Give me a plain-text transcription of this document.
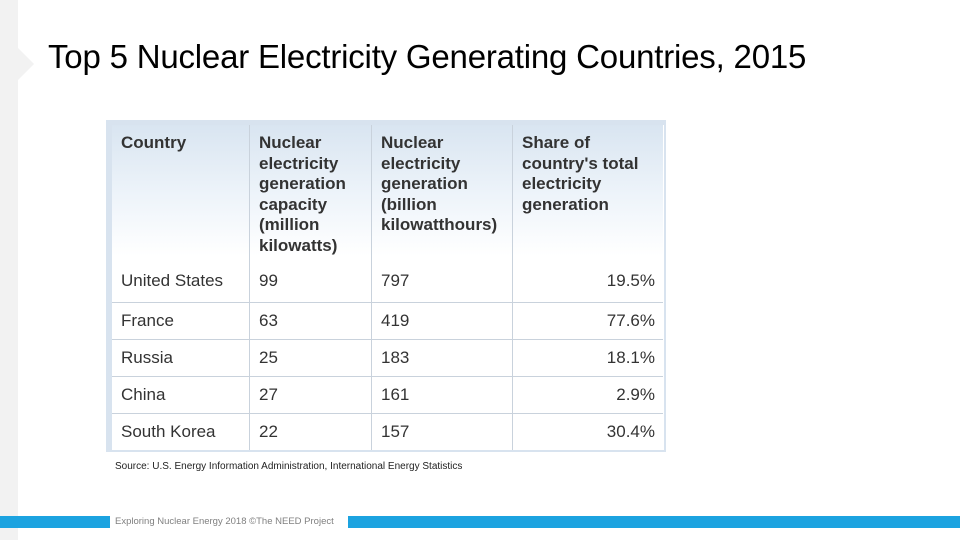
Top 5 Nuclear Electricity Generating Countries, 2015
Country	Nuclear electricity generation capacity (million kilowatts)	Nuclear electricity generation (billion kilowatthours)	Share of country's total electricity generation
United States	99	797	19.5%
France	63	419	77.6%
Russia	25	183	18.1%
China	27	161	2.9%
South Korea	22	157	30.4%
Source: U.S. Energy Information Administration, International Energy Statistics
Exploring Nuclear Energy 2018 ©The NEED Project
